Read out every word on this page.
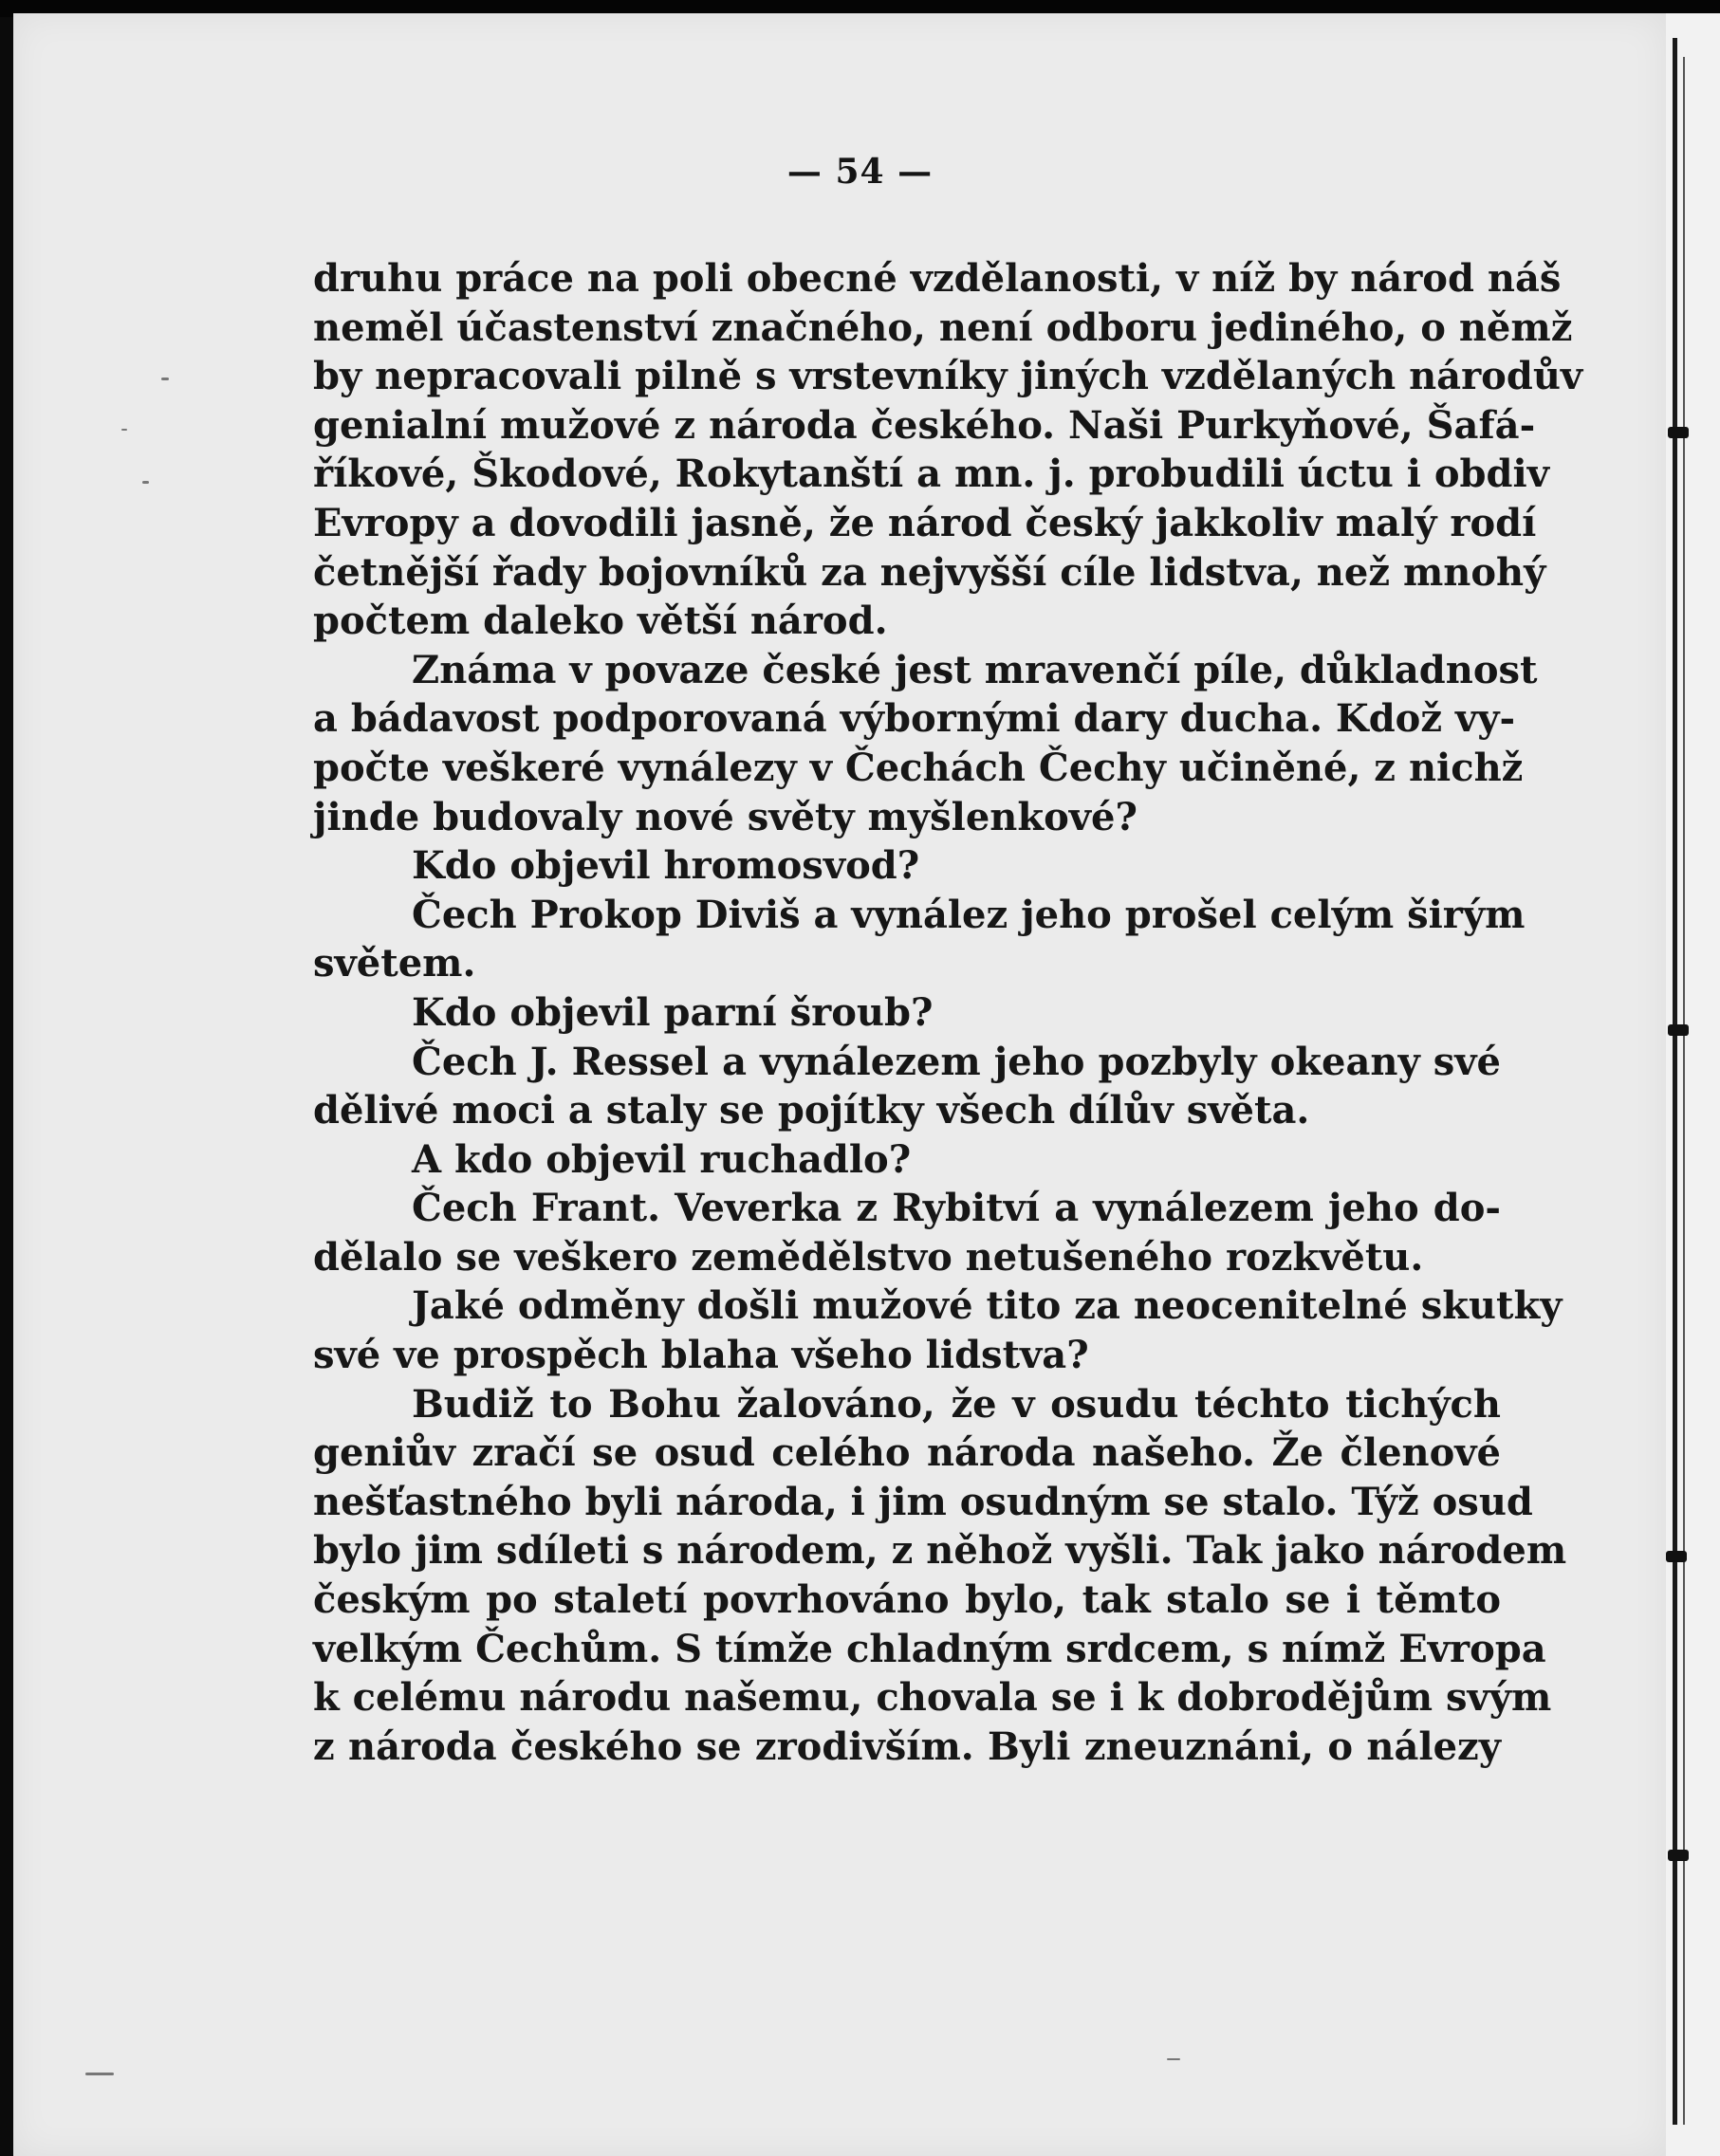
— 54 —
druhu práce na poli obecné vzdělanosti, v níž by národ náš
neměl účastenství značného, není odboru jediného, o němž
by nepracovali pilně s vrstevníky jiných vzdělaných národův
genialní mužové z národa českého. Naši Purkyňové, Šafá-
říkové, Škodové, Rokytanští a mn. j. probudili úctu i obdiv
Evropy a dovodili jasně, že národ český jakkoliv malý rodí
četnější řady bojovníků za nejvyšší cíle lidstva, než mnohý
počtem daleko větší národ.
Známa v povaze české jest mravenčí píle, důkladnost
a bádavost podporovaná výbornými dary ducha. Kdož vy-
počte veškeré vynálezy v Čechách Čechy učiněné, z nichž
jinde budovaly nové světy myšlenkové?
Kdo objevil hromosvod?
Čech Prokop Diviš a vynález jeho prošel celým širým
světem.
Kdo objevil parní šroub?
Čech J. Ressel a vynálezem jeho pozbyly okeany své
dělivé moci a staly se pojítky všech dílův světa.
A kdo objevil ruchadlo?
Čech Frant. Veverka z Rybitví a vynálezem jeho do-
dělalo se veškero zemědělstvo netušeného rozkvětu.
Jaké odměny došli mužové tito za neocenitelné skutky
své ve prospěch blaha všeho lidstva?
Budiž to Bohu žalováno, že v osudu téchto tichých
geniův zračí se osud celého národa našeho. Že členové
nešťastného byli národa, i jim osudným se stalo. Týž osud
bylo jim sdíleti s národem, z něhož vyšli. Tak jako národem
českým po staletí povrhováno bylo, tak stalo se i těmto
velkým Čechům. S tímže chladným srdcem, s nímž Evropa
k celému národu našemu, chovala se i k dobrodějům svým
z národa českého se zrodivším. Byli zneuznáni, o nálezy
